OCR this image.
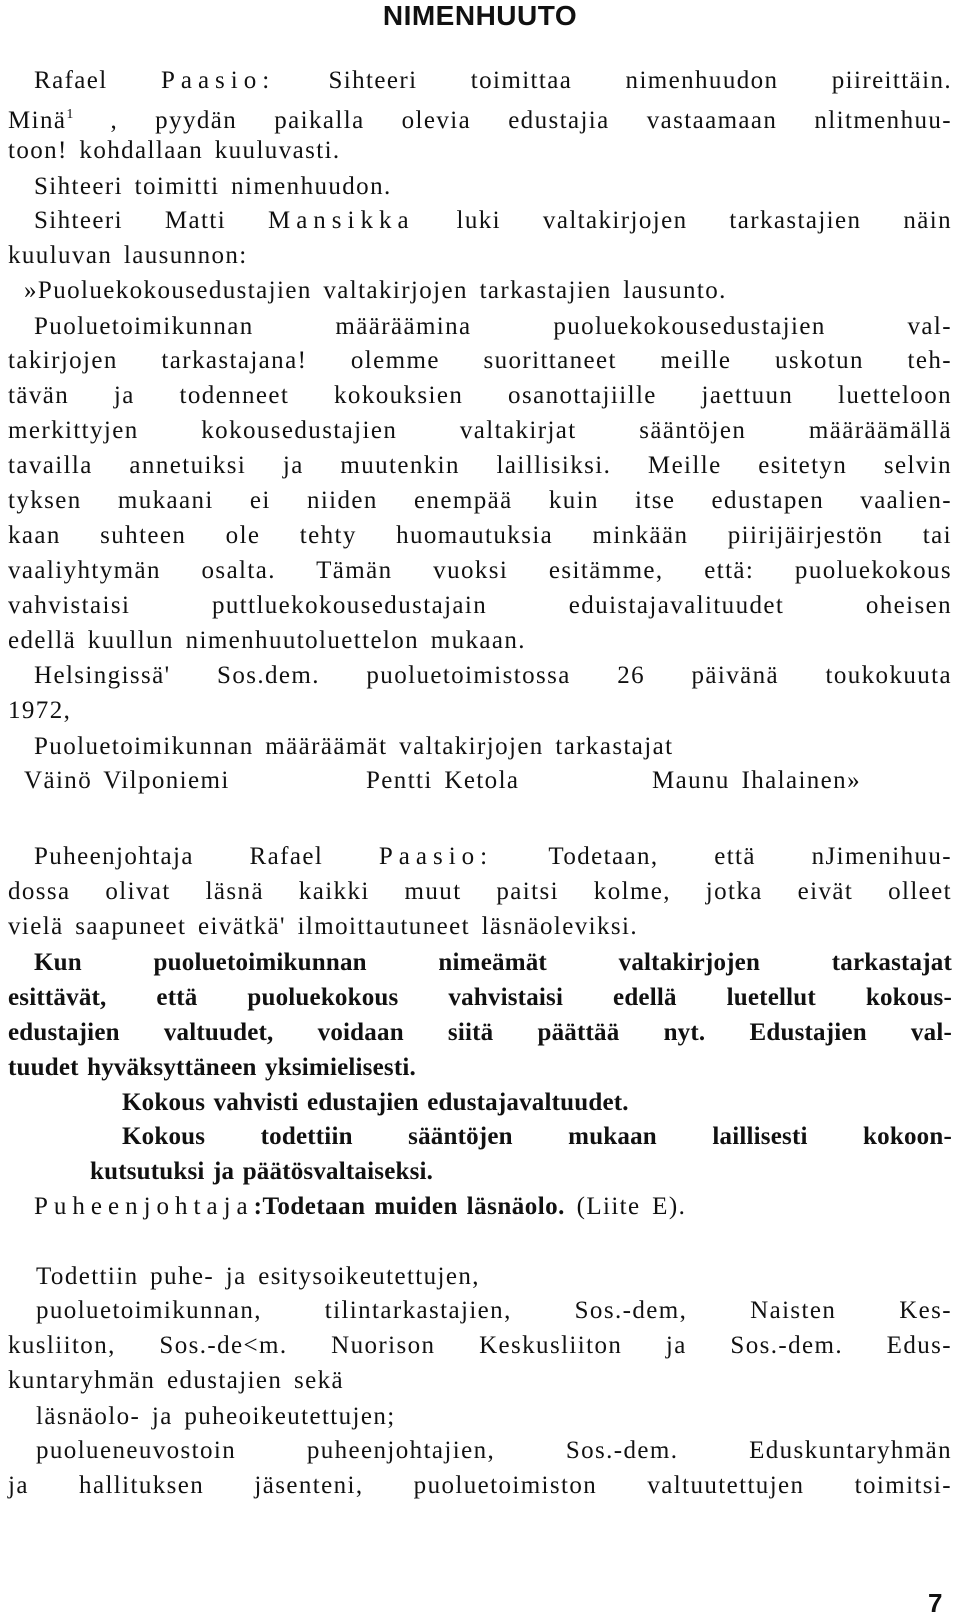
NIMENHUUTO
Rafael Paasio: Sihteeri toimittaa nimenhuudon piireittäin.
Minä$^1$ , pyydän paikalla olevia edustajia vastaamaan nlitmenhuu-
toon! kohdallaan kuuluvasti.
Sihteeri toimitti nimenhuudon.
Sihteeri Matti Mansikka luki valtakirjojen tarkastajien näin
kuuluvan lausunnon:
»Puoluekokousedustajien valtakirjojen tarkastajien lausunto.
Puoluetoimikunnan määräämina puoluekokousedustajien val-
takirjojen tarkastajana! olemme suorittaneet meille uskotun teh-
tävän ja todenneet kokouksien osanottajiille jaettuun luetteloon
merkittyjen kokousedustajien valtakirjat sääntöjen määräämällä
tavailla annetuiksi ja muutenkin laillisiksi. Meille esitetyn selvin
tyksen mukaani ei niiden enempää kuin itse edustapen vaalien-
kaan suhteen ole tehty huomautuksia minkään piirijäirjestön tai
vaaliyhtymän osalta. Tämän vuoksi esitämme, että: puoluekokous
vahvistaisi puttluekokousedustajain eduistajavalituudet oheisen
edellä kuullun nimenhuutoluettelon mukaan.
Helsingissä' Sos.dem. puoluetoimistossa 26 päivänä toukokuuta
1972,
Puoluetoimikunnan määräämät valtakirjojen tarkastajat
Väinö Vilponiemi	Pentti Ketola	Maunu Ihalainen»
Puheenjohtaja Rafael Paasio: Todetaan, että nJimenihuu-
dossa olivat läsnä kaikki muut paitsi kolme, jotka eivät olleet
vielä saapuneet eivätkä' ilmoittautuneet läsnäoleviksi.
Kun puoluetoimikunnan nimeämät valtakirjojen tarkastajat
esittävät, että puoluekokous vahvistaisi edellä luetellut kokous-
edustajien valtuudet, voidaan siitä päättää nyt. Edustajien val-
tuudet hyväksyttäneen yksimielisesti.
Kokous vahvisti edustajien edustajavaltuudet.
Kokous todettiin sääntöjen mukaan laillisesti kokoon-
kutsutuksi ja päätösvaltaiseksi.
Puheenjohtaja:Todetaan muiden läsnäolo. (Liite E).
Todettiin puhe- ja esitysoikeutettujen,
puoluetoimikunnan, tilintarkastajien, Sos.-dem, Naisten Kes-
kusliiton, Sos.-de<m. Nuorison Keskusliiton ja Sos.-dem. Edus-
kuntaryhmän edustajien sekä
läsnäolo- ja puheoikeutettujen;
puolueneuvostoin puheenjohtajien, Sos.-dem. Eduskuntaryhmän
ja hallituksen jäsenteni, puoluetoimiston valtuutettujen toimitsi-
7
